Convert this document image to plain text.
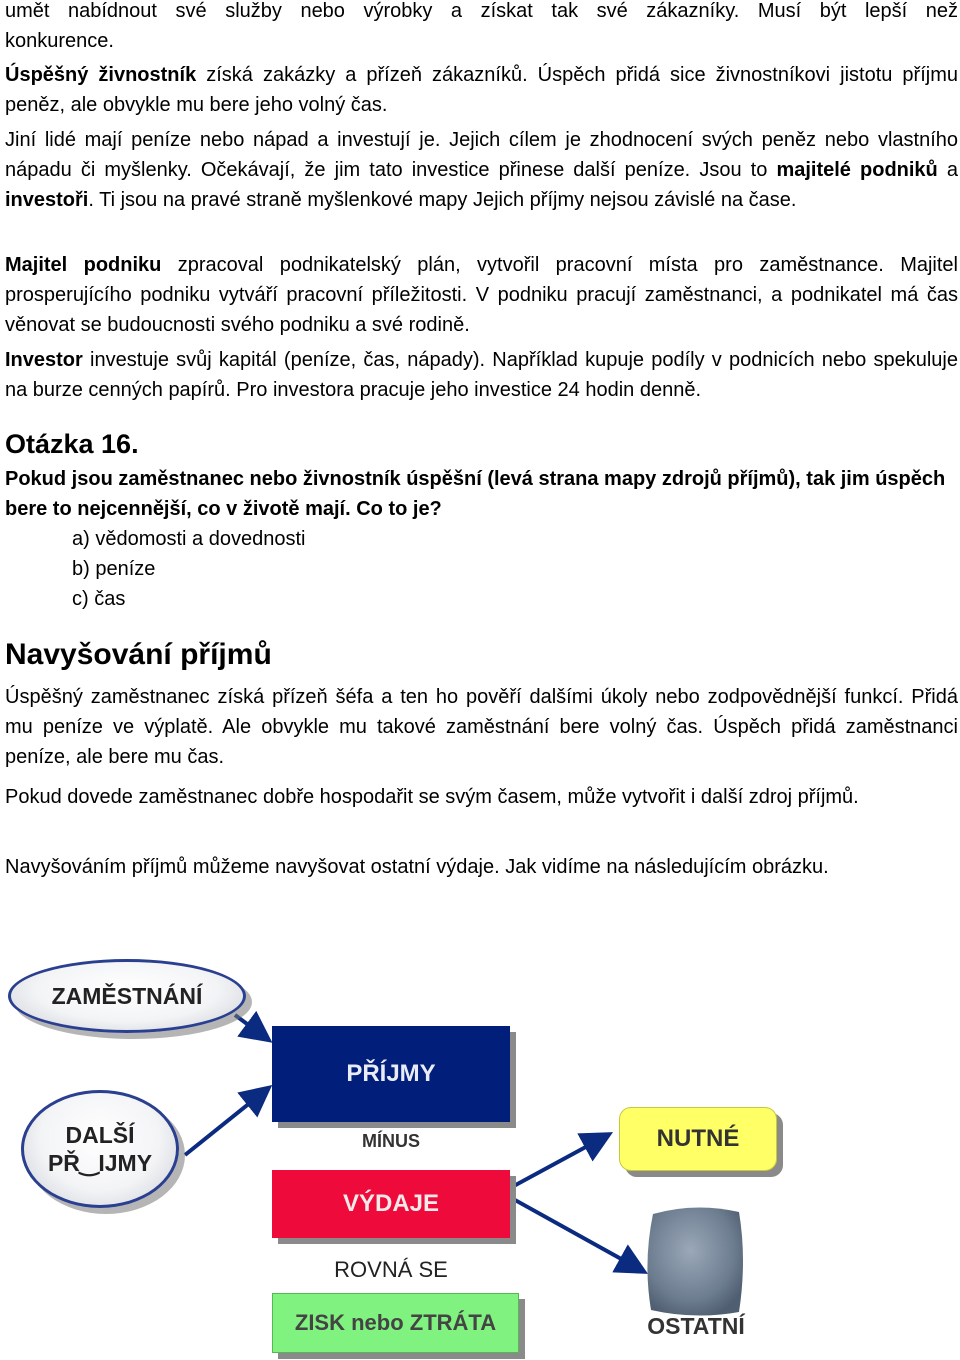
umět nabídnout své služby nebo výrobky a získat tak své zákazníky. Musí být lepší než

konkurence.

Úspěšný živnostník získá zakázky a přízeň zákazníků. Úspěch přidá sice živnostníkovi jistotu příjmu peněz, ale obvykle mu bere jeho volný čas.

Jiní lidé mají peníze nebo nápad a investují je. Jejich cílem je zhodnocení svých peněz nebo vlastního nápadu či myšlenky. Očekávají, že jim tato investice přinese další peníze. Jsou to majitelé podniků a investoři. Ti jsou na pravé straně myšlenkové mapy Jejich příjmy nejsou závislé na čase.

Majitel podniku zpracoval podnikatelský plán, vytvořil pracovní místa pro zaměstnance. Majitel prosperujícího podniku vytváří pracovní příležitosti. V podniku pracují zaměstnanci, a podnikatel má čas věnovat se budoucnosti svého podniku a své rodině.

Investor investuje svůj kapitál (peníze, čas, nápady). Například kupuje podíly v podnicích nebo spekuluje na burze cenných papírů. Pro investora pracuje jeho investice 24 hodin denně.

Otázka 16.

Pokud jsou zaměstnanec nebo živnostník úspěšní (levá strana mapy zdrojů příjmů), tak jim úspěch bere to nejcennější, co v životě mají. Co to je?

a) vědomosti a dovednosti

b) peníze

c) čas

Navyšování příjmů

Úspěšný zaměstnanec získá přízeň šéfa a ten ho pověří dalšími úkoly nebo zodpovědnější funkcí. Přidá mu peníze ve výplatě. Ale obvykle mu takové zaměstnání bere volný čas. Úspěch přidá zaměstnanci peníze, ale bere mu čas.

Pokud dovede zaměstnanec dobře hospodařit se svým časem, může vytvořit i další zdroj příjmů.

Navyšováním příjmů můžeme navyšovat ostatní výdaje. Jak vidíme na následujícím obrázku.

ZAMĚSTNÁNÍ
DALŠÍ
PŘ‿IJMY
PŘÍJMY
MÍNUS
VÝDAJE
ROVNÁ SE
ZISK nebo ZTRÁTA
NUTNÉ
OSTATNÍ
